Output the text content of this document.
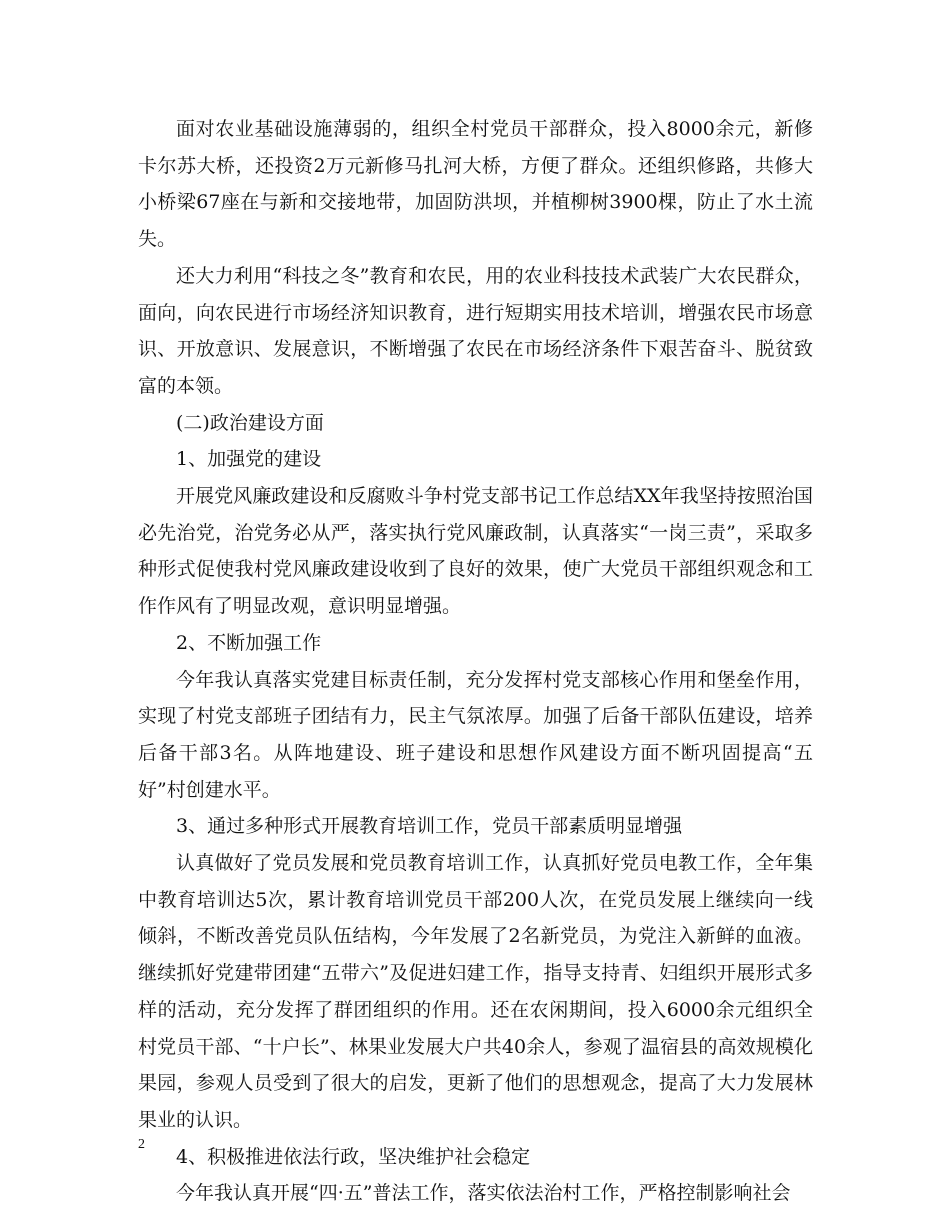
面对农业基础设施薄弱的，组织全村党员干部群众，投入8000余元，新修卡尔苏大桥，还投资2万元新修马扎河大桥，方便了群众。还组织修路，共修大小桥梁67座在与新和交接地带，加固防洪坝，并植柳树3900棵，防止了水土流失。

还大力利用“科技之冬”教育和农民，用的农业科技技术武装广大农民群众，面向，向农民进行市场经济知识教育，进行短期实用技术培训，增强农民市场意识、开放意识、发展意识，不断增强了农民在市场经济条件下艰苦奋斗、脱贫致富的本领。

(二)政治建设方面

1、加强党的建设

开展党风廉政建设和反腐败斗争村党支部书记工作总结XX年我坚持按照治国必先治党，治党务必从严，落实执行党风廉政制，认真落实“一岗三责”，采取多种形式促使我村党风廉政建设收到了良好的效果，使广大党员干部组织观念和工作作风有了明显改观，意识明显增强。

2、不断加强工作

今年我认真落实党建目标责任制，充分发挥村党支部核心作用和堡垒作用，实现了村党支部班子团结有力，民主气氛浓厚。加强了后备干部队伍建设，培养后备干部3名。从阵地建设、班子建设和思想作风建设方面不断巩固提高“五好”村创建水平。

3、通过多种形式开展教育培训工作，党员干部素质明显增强

认真做好了党员发展和党员教育培训工作，认真抓好党员电教工作，全年集中教育培训达5次，累计教育培训党员干部200人次，在党员发展上继续向一线倾斜，不断改善党员队伍结构，今年发展了2名新党员，为党注入新鲜的血液。继续抓好党建带团建“五带六”及促进妇建工作，指导支持青、妇组织开展形式多样的活动，充分发挥了群团组织的作用。还在农闲期间，投入6000余元组织全村党员干部、“十户长”、林果业发展大户共40余人，参观了温宿县的高效规模化果园，参观人员受到了很大的启发，更新了他们的思想观念，提高了大力发展林果业的认识。

4、积极推进依法行政，坚决维护社会稳定

今年我认真开展“四·五”普法工作，落实依法治村工作，严格控制影响社会

2
